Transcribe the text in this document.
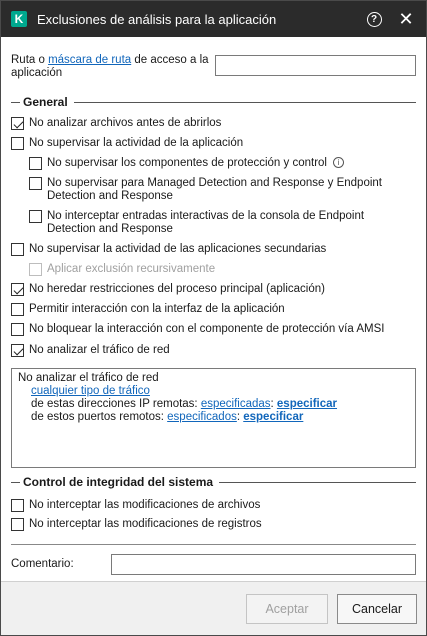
K Exclusiones de análisis para la aplicación	? ✕
Ruta o máscara de ruta de acceso a la aplicación
General
No analizar archivos antes de abrirlos
No supervisar la actividad de la aplicación
No supervisar los componentes de protección y control	i
No supervisar para Managed Detection and Response y Endpoint Detection and Response
No interceptar entradas interactivas de la consola de Endpoint Detection and Response
No supervisar la actividad de las aplicaciones secundarias
Aplicar exclusión recursivamente
No heredar restricciones del proceso principal (aplicación)
Permitir interacción con la interfaz de la aplicación
No bloquear la interacción con el componente de protección vía AMSI
No analizar el tráfico de red
No analizar el tráfico de red
cualquier tipo de tráfico
de estas direcciones IP remotas: especificadas: especificar
de estos puertos remotos: especificados: especificar
Control de integridad del sistema
No interceptar las modificaciones de archivos
No interceptar las modificaciones de registros
Comentario:
Aceptar	Cancelar
